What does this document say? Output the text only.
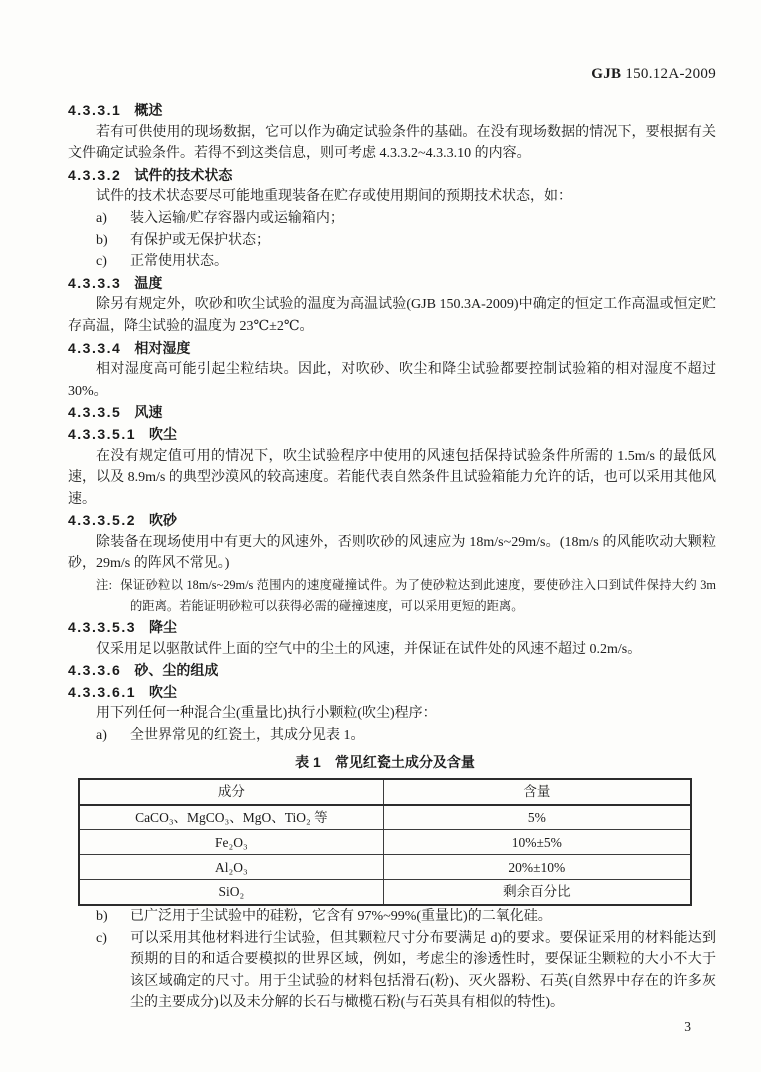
GJB 150.12A-2009
4.3.3.1 概述
若有可供使用的现场数据，它可以作为确定试验条件的基础。在没有现场数据的情况下，要根据有关文件确定试验条件。若得不到这类信息，则可考虑 4.3.3.2~4.3.3.10 的内容。
4.3.3.2 试件的技术状态
试件的技术状态要尽可能地重现装备在贮存或使用期间的预期技术状态，如：
a) 装入运输/贮存容器内或运输箱内；
b) 有保护或无保护状态；
c) 正常使用状态。
4.3.3.3 温度
除另有规定外，吹砂和吹尘试验的温度为高温试验(GJB 150.3A-2009)中确定的恒定工作高温或恒定贮存高温，降尘试验的温度为 23℃±2℃。
4.3.3.4 相对湿度
相对湿度高可能引起尘粒结块。因此，对吹砂、吹尘和降尘试验都要控制试验箱的相对湿度不超过 30%。
4.3.3.5 风速
4.3.3.5.1 吹尘
在没有规定值可用的情况下，吹尘试验程序中使用的风速包括保持试验条件所需的 1.5m/s 的最低风速，以及 8.9m/s 的典型沙漠风的较高速度。若能代表自然条件且试验箱能力允许的话，也可以采用其他风速。
4.3.3.5.2 吹砂
除装备在现场使用中有更大的风速外，否则吹砂的风速应为 18m/s~29m/s。(18m/s 的风能吹动大颗粒砂，29m/s 的阵风不常见。)
注: 保证砂粒以 18m/s~29m/s 范围内的速度碰撞试件。为了使砂粒达到此速度，要使砂注入口到试件保持大约 3m 的距离。若能证明砂粒可以获得必需的碰撞速度，可以采用更短的距离。
4.3.3.5.3 降尘
仅采用足以驱散试件上面的空气中的尘土的风速，并保证在试件处的风速不超过 0.2m/s。
4.3.3.6 砂、尘的组成
4.3.3.6.1 吹尘
用下列任何一种混合尘(重量比)执行小颗粒(吹尘)程序：
a) 全世界常见的红瓷土，其成分见表 1。
表 1　常见红瓷土成分及含量
成分	含量
CaCO₃、MgCO₃、MgO、TiO₂ 等	5%
Fe₂O₃	10%±5%
Al₂O₃	20%±10%
SiO₂	剩余百分比
b) 已广泛用于尘试验中的硅粉，它含有 97%~99%(重量比)的二氧化硅。
c) 可以采用其他材料进行尘试验，但其颗粒尺寸分布要满足 d)的要求。要保证采用的材料能达到预期的目的和适合要模拟的世界区域，例如，考虑尘的渗透性时，要保证尘颗粒的大小不大于该区域确定的尺寸。用于尘试验的材料包括滑石(粉)、灭火器粉、石英(自然界中存在的许多灰尘的主要成分)以及未分解的长石与橄榄石粉(与石英具有相似的特性)。
3
